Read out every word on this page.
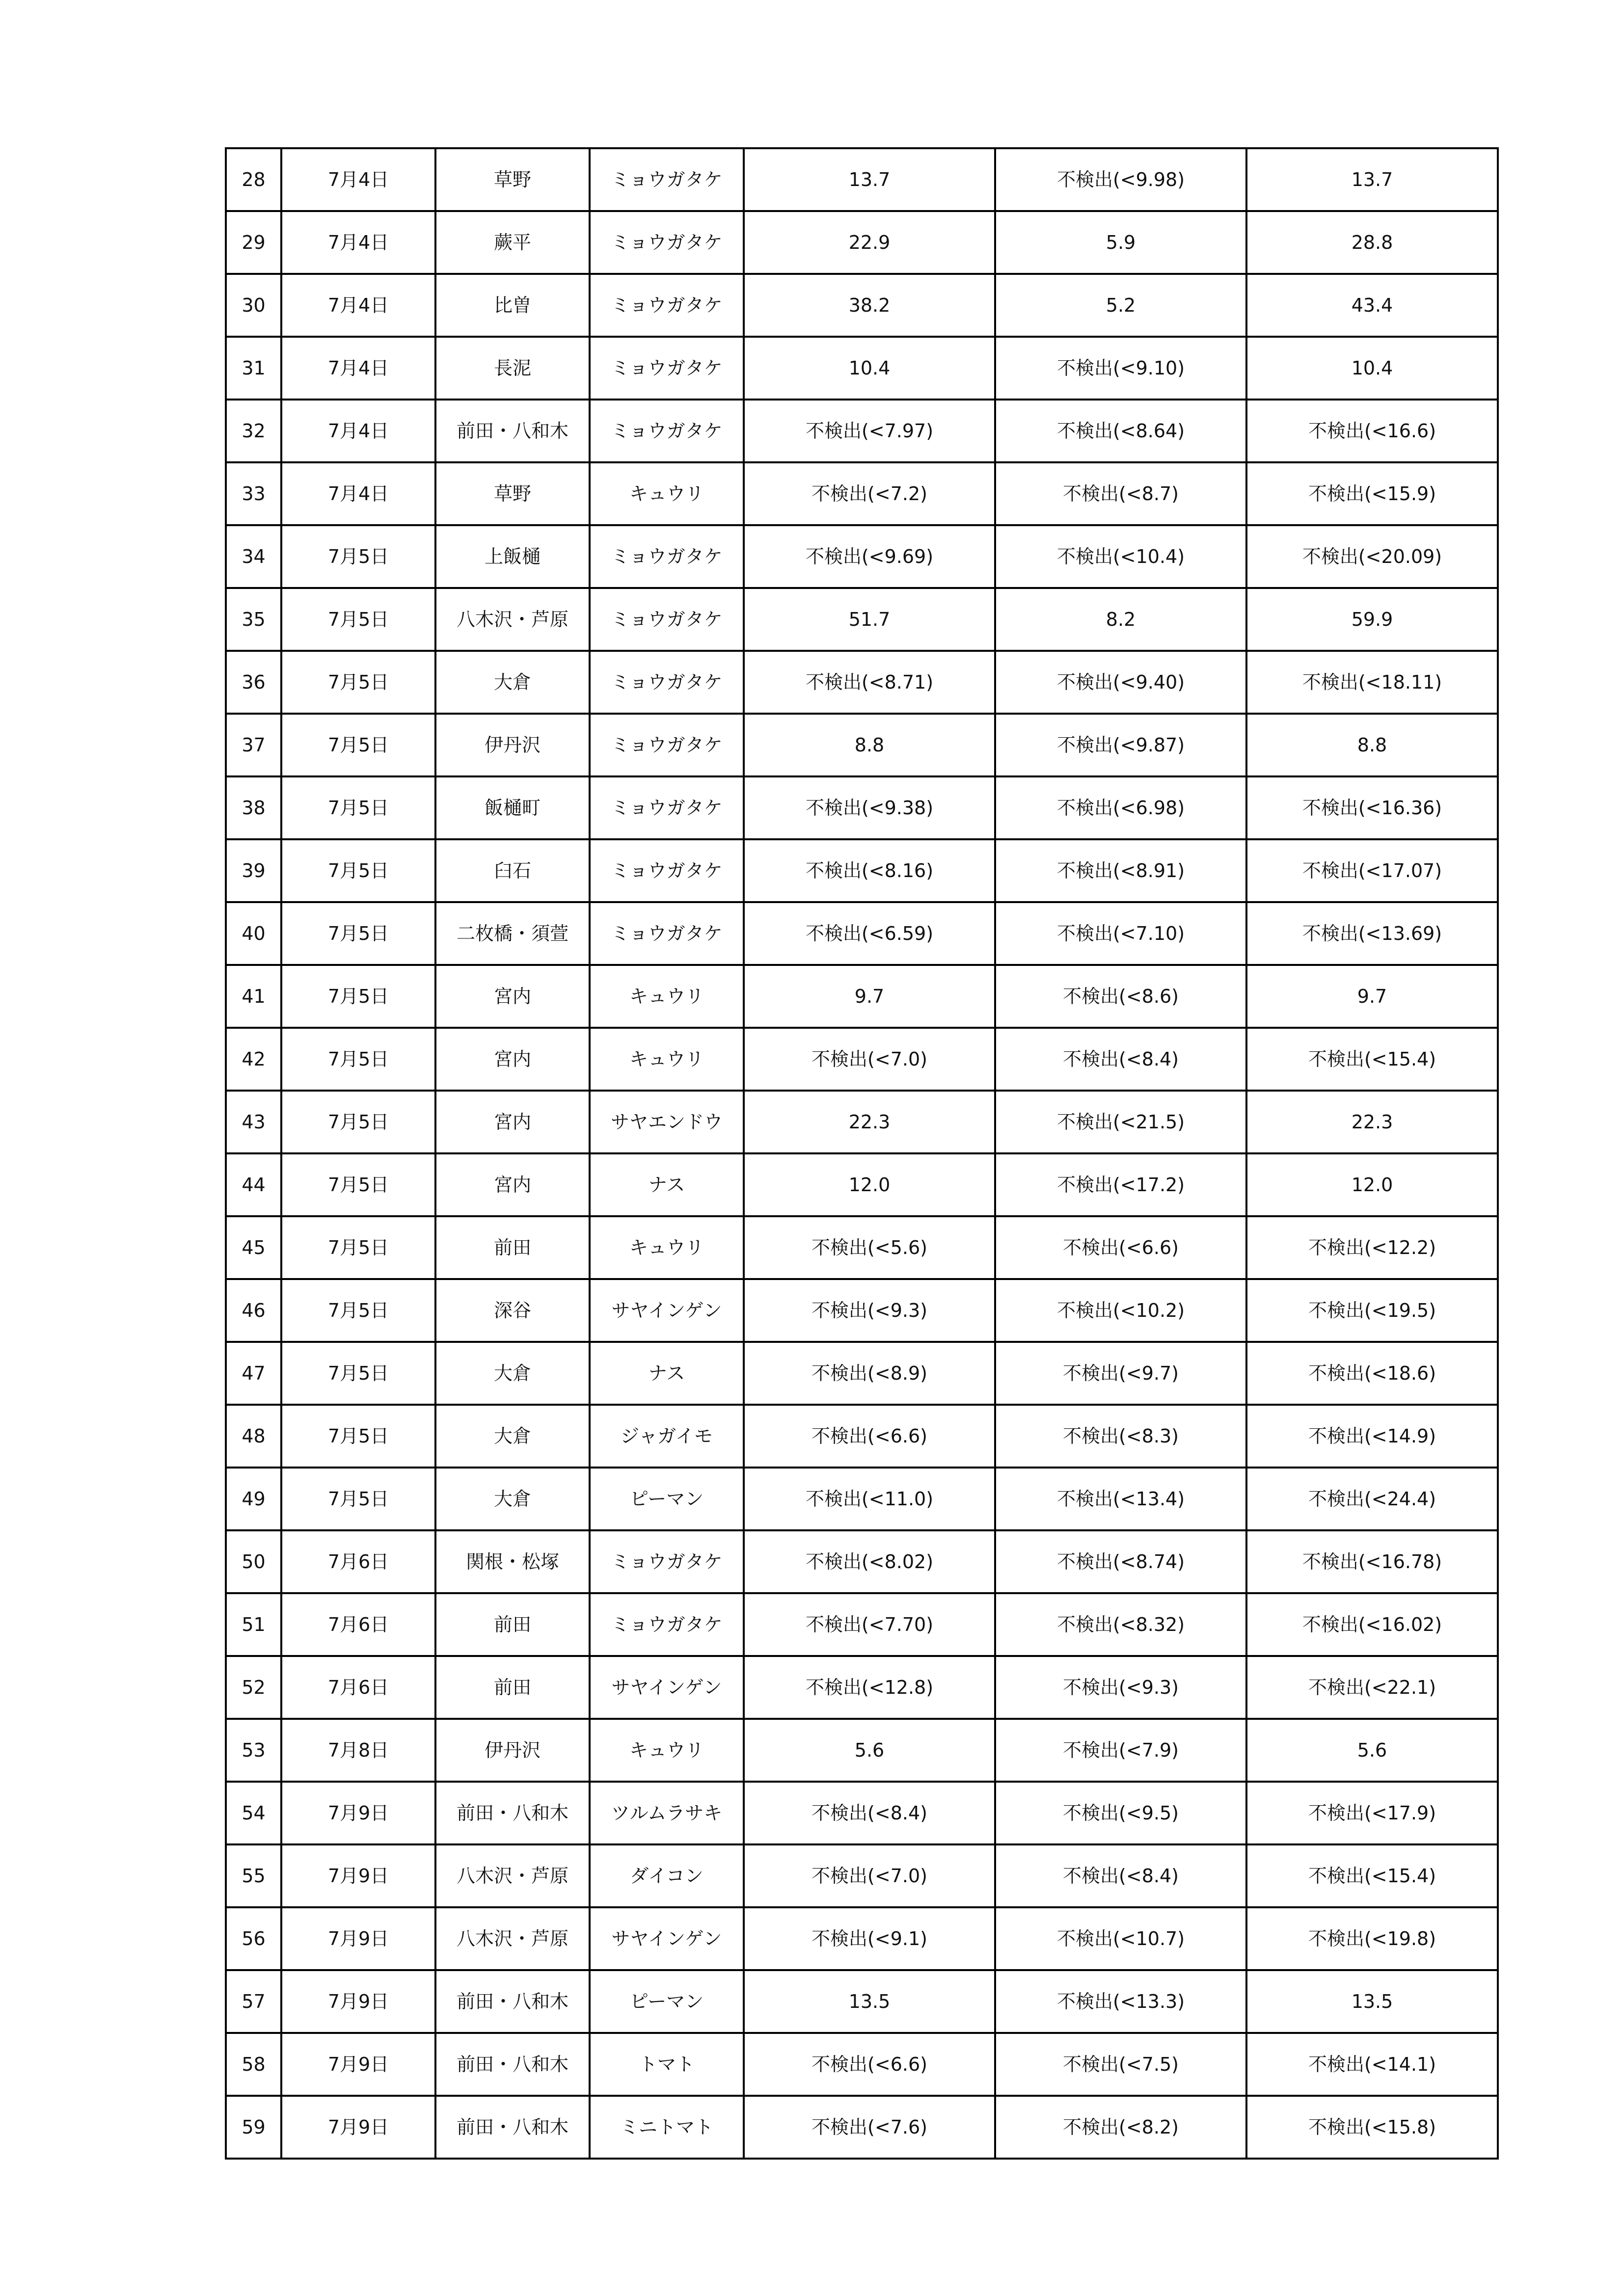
28	7月4日	草野	ミョウガタケ	13.7	不検出(<9.98)	13.7
29	7月4日	蕨平	ミョウガタケ	22.9	5.9	28.8
30	7月4日	比曽	ミョウガタケ	38.2	5.2	43.4
31	7月4日	長泥	ミョウガタケ	10.4	不検出(<9.10)	10.4
32	7月4日	前田・八和木	ミョウガタケ	不検出(<7.97)	不検出(<8.64)	不検出(<16.6)
33	7月4日	草野	キュウリ	不検出(<7.2)	不検出(<8.7)	不検出(<15.9)
34	7月5日	上飯樋	ミョウガタケ	不検出(<9.69)	不検出(<10.4)	不検出(<20.09)
35	7月5日	八木沢・芦原	ミョウガタケ	51.7	8.2	59.9
36	7月5日	大倉	ミョウガタケ	不検出(<8.71)	不検出(<9.40)	不検出(<18.11)
37	7月5日	伊丹沢	ミョウガタケ	8.8	不検出(<9.87)	8.8
38	7月5日	飯樋町	ミョウガタケ	不検出(<9.38)	不検出(<6.98)	不検出(<16.36)
39	7月5日	臼石	ミョウガタケ	不検出(<8.16)	不検出(<8.91)	不検出(<17.07)
40	7月5日	二枚橋・須萱	ミョウガタケ	不検出(<6.59)	不検出(<7.10)	不検出(<13.69)
41	7月5日	宮内	キュウリ	9.7	不検出(<8.6)	9.7
42	7月5日	宮内	キュウリ	不検出(<7.0)	不検出(<8.4)	不検出(<15.4)
43	7月5日	宮内	サヤエンドウ	22.3	不検出(<21.5)	22.3
44	7月5日	宮内	ナス	12.0	不検出(<17.2)	12.0
45	7月5日	前田	キュウリ	不検出(<5.6)	不検出(<6.6)	不検出(<12.2)
46	7月5日	深谷	サヤインゲン	不検出(<9.3)	不検出(<10.2)	不検出(<19.5)
47	7月5日	大倉	ナス	不検出(<8.9)	不検出(<9.7)	不検出(<18.6)
48	7月5日	大倉	ジャガイモ	不検出(<6.6)	不検出(<8.3)	不検出(<14.9)
49	7月5日	大倉	ピーマン	不検出(<11.0)	不検出(<13.4)	不検出(<24.4)
50	7月6日	関根・松塚	ミョウガタケ	不検出(<8.02)	不検出(<8.74)	不検出(<16.78)
51	7月6日	前田	ミョウガタケ	不検出(<7.70)	不検出(<8.32)	不検出(<16.02)
52	7月6日	前田	サヤインゲン	不検出(<12.8)	不検出(<9.3)	不検出(<22.1)
53	7月8日	伊丹沢	キュウリ	5.6	不検出(<7.9)	5.6
54	7月9日	前田・八和木	ツルムラサキ	不検出(<8.4)	不検出(<9.5)	不検出(<17.9)
55	7月9日	八木沢・芦原	ダイコン	不検出(<7.0)	不検出(<8.4)	不検出(<15.4)
56	7月9日	八木沢・芦原	サヤインゲン	不検出(<9.1)	不検出(<10.7)	不検出(<19.8)
57	7月9日	前田・八和木	ピーマン	13.5	不検出(<13.3)	13.5
58	7月9日	前田・八和木	トマト	不検出(<6.6)	不検出(<7.5)	不検出(<14.1)
59	7月9日	前田・八和木	ミニトマト	不検出(<7.6)	不検出(<8.2)	不検出(<15.8)
